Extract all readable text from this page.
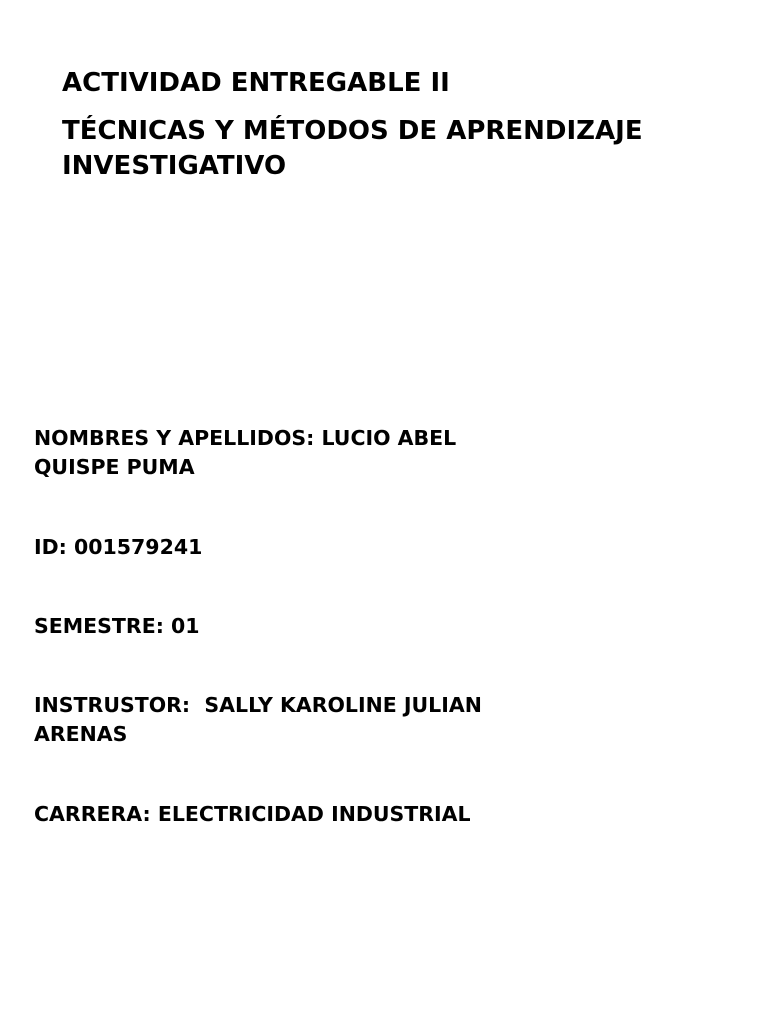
ACTIVIDAD ENTREGABLE II
TÉCNICAS Y MÉTODOS DE APRENDIZAJE
INVESTIGATIVO

NOMBRES Y APELLIDOS: LUCIO ABEL
QUISPE PUMA

ID: 001579241

SEMESTRE: 01

INSTRUSTOR:  SALLY KAROLINE JULIAN
ARENAS

CARRERA: ELECTRICIDAD INDUSTRIAL
